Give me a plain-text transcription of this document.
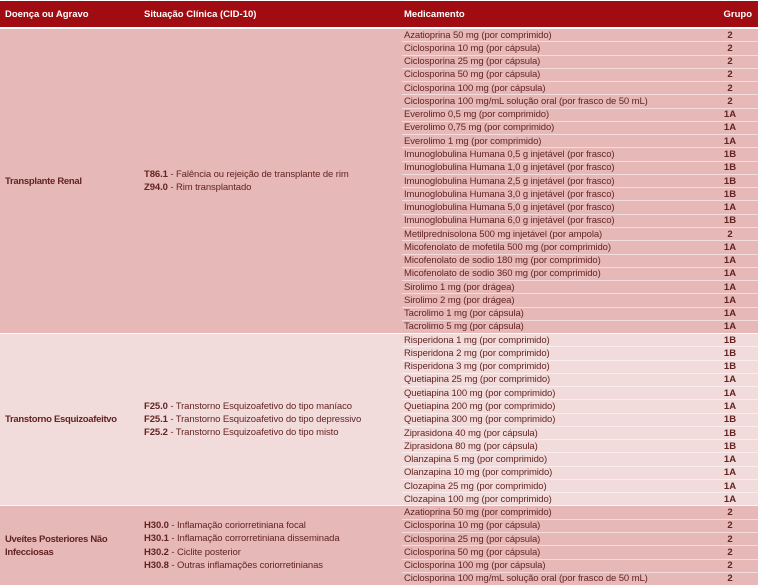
Doença ou Agravo	Situação Clínica (CID-10)	Medicamento	Grupo
Transplante Renal
T86.1 - Falência ou rejeição de transplante de rim
Z94.0 - Rim transplantado
Azatioprina 50 mg (por comprimido)	2
Ciclosporina 10 mg (por cápsula)	2
Ciclosporina 25 mg (por cápsula)	2
Ciclosporina 50 mg (por cápsula)	2
Ciclosporina 100 mg (por cápsula)	2
Ciclosporina 100 mg/mL solução oral (por frasco de 50 mL)	2
Everolimo 0,5 mg (por comprimido)	1A
Everolimo 0,75 mg (por comprimido)	1A
Everolimo 1 mg (por comprimido)	1A
Imunoglobulina Humana 0,5 g injetável (por frasco)	1B
Imunoglobulina Humana 1,0 g injetável (por frasco)	1B
Imunoglobulina Humana 2,5 g injetável (por frasco)	1B
Imunoglobulina Humana 3,0 g injetável (por frasco)	1B
Imunoglobulina Humana 5,0 g injetável (por frasco)	1A
Imunoglobulina Humana 6,0 g injetável (por frasco)	1B
Metilprednisolona 500 mg injetável (por ampola)	2
Micofenolato de mofetila 500 mg (por comprimido)	1A
Micofenolato de sodio 180 mg (por comprimido)	1A
Micofenolato de sodio 360 mg (por comprimido)	1A
Sirolimo 1 mg (por drágea)	1A
Sirolimo 2 mg (por drágea)	1A
Tacrolimo 1 mg (por cápsula)	1A
Tacrolimo 5 mg (por cápsula)	1A
Transtorno Esquizoafeitvo
F25.0 - Transtorno Esquizoafetivo do tipo maníaco
F25.1 - Transtorno Esquizoafetivo do tipo depressivo
F25.2 - Transtorno Esquizoafetivo do tipo misto
Risperidona 1 mg (por comprimido)	1B
Risperidona 2 mg (por comprimido)	1B
Risperidona 3 mg (por comprimido)	1B
Quetiapina 25 mg (por comprimido)	1A
Quetiapina 100 mg (por comprimido)	1A
Quetiapina 200 mg (por comprimido)	1A
Quetiapina 300 mg (por comprimido)	1B
Ziprasidona 40 mg (por cápsula)	1B
Ziprasidona 80 mg (por cápsula)	1B
Olanzapina 5 mg (por comprimido)	1A
Olanzapina 10 mg (por comprimido)	1A
Clozapina 25 mg (por comprimido)	1A
Clozapina 100 mg (por comprimido)	1A
Uveítes Posteriores Não Infecciosas
H30.0 - Inflamação coriorretiniana focal
H30.1 - Inflamação corrorretiniana disseminada
H30.2 - Ciclite posterior
H30.8 - Outras inflamações coriorretinianas
Azatioprina 50 mg (por comprimido)	2
Ciclosporina 10 mg (por cápsula)	2
Ciclosporina 25 mg (por cápsula)	2
Ciclosporina 50 mg (por cápsula)	2
Ciclosporina 100 mg (por cápsula)	2
Ciclosporina 100 mg/mL solução oral (por frasco de 50 mL)	2
